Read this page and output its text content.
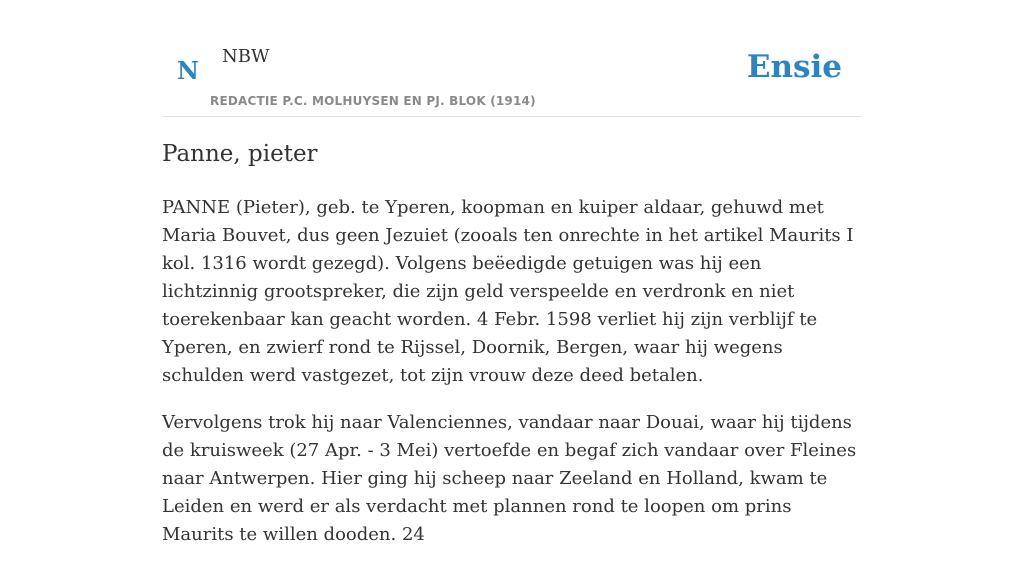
N NBW
REDACTIE P.C. MOLHUYSEN EN PJ. BLOK (1914)
Ensie
Panne, pieter

PANNE (Pieter), geb. te Yperen, koopman en kuiper aldaar, gehuwd met Maria Bouvet, dus geen Jezuiet (zooals ten onrechte in het artikel Maurits I kol. 1316 wordt gezegd). Volgens beëedigde getuigen was hij een lichtzinnig grootspreker, die zijn geld verspeelde en verdronk en niet toerekenbaar kan geacht worden. 4 Febr. 1598 verliet hij zijn verblijf te Yperen, en zwierf rond te Rijssel, Doornik, Bergen, waar hij wegens schulden werd vastgezet, tot zijn vrouw deze deed betalen.

Vervolgens trok hij naar Valenciennes, vandaar naar Douai, waar hij tijdens de kruisweek (27 Apr. - 3 Mei) vertoefde en begaf zich vandaar over Fleines naar Antwerpen. Hier ging hij scheep naar Zeeland en Holland, kwam te Leiden en werd er als verdacht met plannen rond te loopen om prins Maurits te willen dooden. 24
